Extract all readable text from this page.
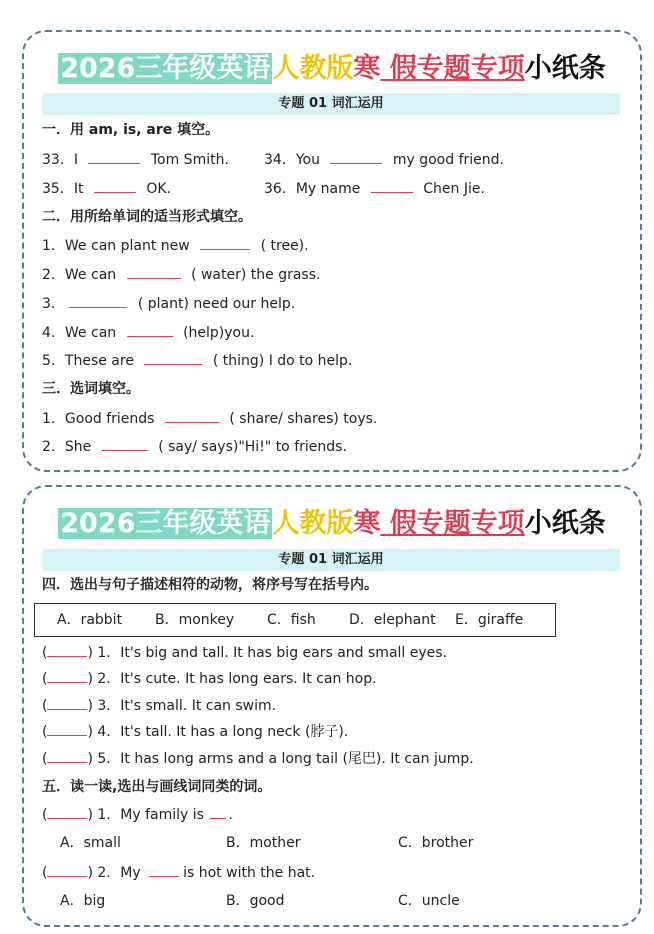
2026三年级英语人教版寒 假专题专项小纸条
专题 01 词汇运用
一．用 am, is, are 填空。
33．I	Tom Smith.	34．You	my good friend.
35．It	OK.	36．My name	Chen Jie.
二．用所给单词的适当形式填空。
1．We can plant new	( tree).
2．We can	( water) the grass.
3．	( plant) need our help.
4．We can	(help)you.
5．These are	( thing) I do to help.
三．选词填空。
1．Good friends	( share/ shares) toys.
2．She	( say/ says)"Hi!" to friends.
2026三年级英语人教版寒 假专题专项小纸条
专题 01 词汇运用
四．选出与句子描述相符的动物，将序号写在括号内。
A．rabbit B．monkey C．fish D．elephant E．giraffe
(	) 1．It's big and tall. It has big ears and small eyes.
(	) 2．It's cute. It has long ears. It can hop.
(	) 3．It's small. It can swim.
(	) 4．It's tall. It has a long neck (脖子).
(	) 5．It has long arms and a long tail (尾巴). It can jump.
五．读一读,选出与画线词同类的词。
(	) 1．My family is .
A．small	B．mother	C．brother
(	) 2．My	is hot with the hat.
A．big	B．good	C．uncle
